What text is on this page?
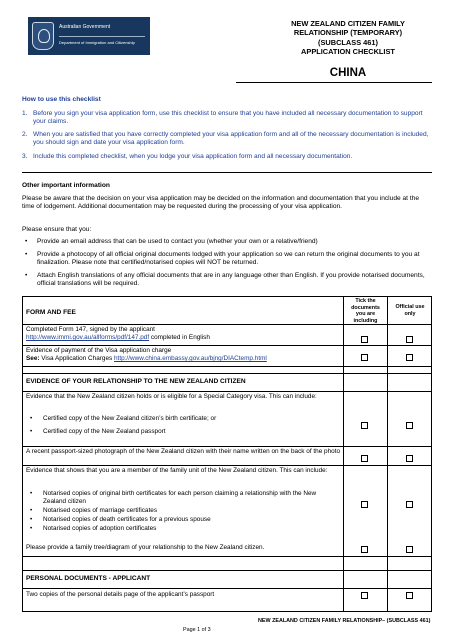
Australian Government
Department of Immigration and Citizenship
NEW ZEALAND CITIZEN FAMILY
RELATIONSHIP (TEMPORARY)
(SUBCLASS 461)
APPLICATION CHECKLIST
CHINA
How to use this checklist
1. Before you sign your visa application form, use this checklist to ensure that you have included all necessary documentation to support your claims.
2. When you are satisfied that you have correctly completed your visa application form and all of the necessary documentation is included, you should sign and date your visa application form.
3. Include this completed checklist, when you lodge your visa application form and all necessary documentation.
Other important information
Please be aware that the decision on your visa application may be decided on the information and documentation that you include at the time of lodgement. Additional documentation may be requested during the processing of your visa application.
Please ensure that you:
• Provide an email address that can be used to contact you (whether your own or a relative/friend)
• Provide a photocopy of all official original documents lodged with your application so we can return the original documents to you at finalization. Please note that certified/notarised copies will NOT be returned.
• Attach English translations of any official documents that are in any language other than English. If you provide notarised documents, official translations will be required.
Tick the
documents
you are
including
Official use
only
FORM AND FEE
Completed Form 147, signed by the applicant
http://www.immi.gov.au/allforms/pdf/147.pdf completed in English
Evidence of payment of the Visa application charge
See: Visa Application Charges http://www.china.embassy.gov.au/bjng/DIACtemp.html
EVIDENCE OF YOUR RELATIONSHIP TO THE NEW ZEALAND CITIZEN
Evidence that the New Zealand citizen holds or is eligible for a Special Category visa. This can include:
• Certified copy of the New Zealand citizen’s birth certificate; or
• Certified copy of the New Zealand passport
A recent passport-sized photograph of the New Zealand citizen with their name written on the back of the photo
Evidence that shows that you are a member of the family unit of the New Zealand citizen. This can include:
• Notarised copies of original birth certificates for each person claiming a relationship with the New Zealand citizen
• Notarised copies of marriage certificates
• Notarised copies of death certificates for a previous spouse
• Notarised copies of adoption certificates
Please provide a family tree/diagram of your relationship to the New Zealand citizen.
PERSONAL DOCUMENTS - APPLICANT
Two copies of the personal details page of the applicant’s passport
NEW ZEALAND CITIZEN FAMILY RELATIONSHIP– (SUBCLASS 461)
Page 1 of 3
